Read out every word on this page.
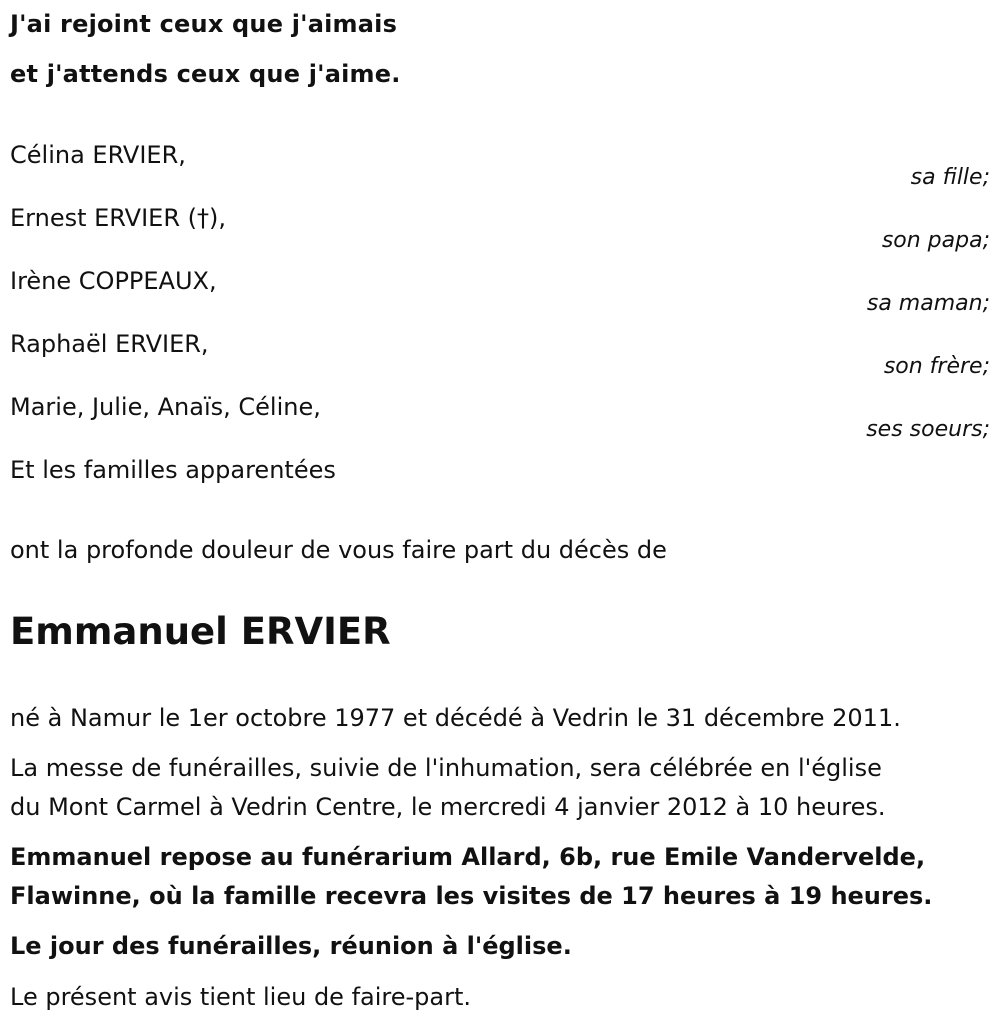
J'ai rejoint ceux que j'aimais
et j'attends ceux que j'aime.
Célina ERVIER,
sa fille;
Ernest ERVIER (†),
son papa;
Irène COPPEAUX,
sa maman;
Raphaël ERVIER,
son frère;
Marie, Julie, Anaïs, Céline,
ses soeurs;
Et les familles apparentées
ont la profonde douleur de vous faire part du décès de
Emmanuel ERVIER
né à Namur le 1er octobre 1977 et décédé à Vedrin le 31 décembre 2011.
La messe de funérailles, suivie de l'inhumation, sera célébrée en l'église
du Mont Carmel à Vedrin Centre, le mercredi 4 janvier 2012 à 10 heures.
Emmanuel repose au funérarium Allard, 6b, rue Emile Vandervelde,
Flawinne, où la famille recevra les visites de 17 heures à 19 heures.
Le jour des funérailles, réunion à l'église.
Le présent avis tient lieu de faire-part.
